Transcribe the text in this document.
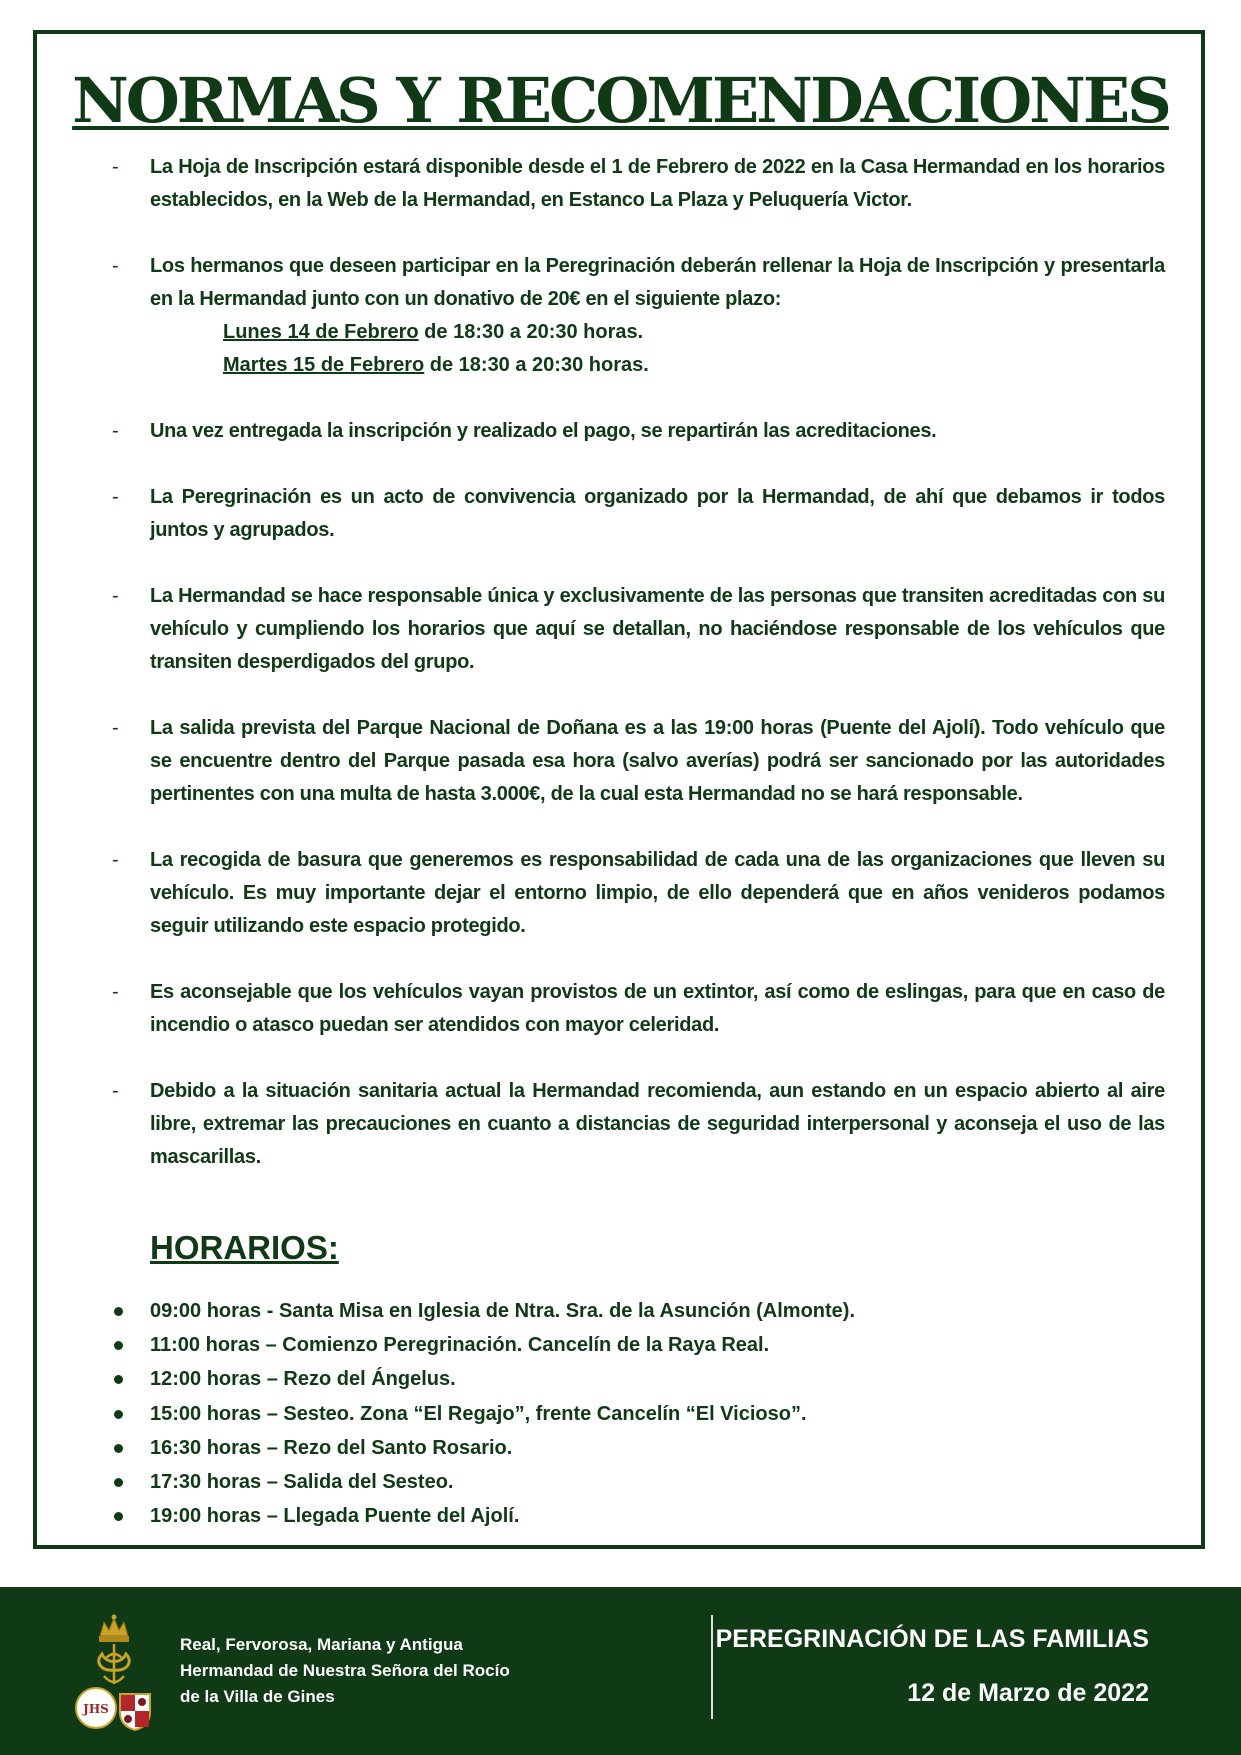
NORMAS Y RECOMENDACIONES
- La Hoja de Inscripción estará disponible desde el 1 de Febrero de 2022 en la Casa Hermandad en los horarios establecidos, en la Web de la Hermandad, en Estanco La Plaza y Peluquería Victor.
- Los hermanos que deseen participar en la Peregrinación deberán rellenar la Hoja de Inscripción y presentarla en la Hermandad junto con un donativo de 20€ en el siguiente plazo:
Lunes 14 de Febrero de 18:30 a 20:30 horas.
Martes 15 de Febrero de 18:30 a 20:30 horas.
- Una vez entregada la inscripción y realizado el pago, se repartirán las acreditaciones.
- La Peregrinación es un acto de convivencia organizado por la Hermandad, de ahí que debamos ir todos juntos y agrupados.
- La Hermandad se hace responsable única y exclusivamente de las personas que transiten acreditadas con su vehículo y cumpliendo los horarios que aquí se detallan, no haciéndose responsable de los vehículos que transiten desperdigados del grupo.
- La salida prevista del Parque Nacional de Doñana es a las 19:00 horas (Puente del Ajolí). Todo vehículo que se encuentre dentro del Parque pasada esa hora (salvo averías) podrá ser sancionado por las autoridades pertinentes con una multa de hasta 3.000€, de la cual esta Hermandad no se hará responsable.
- La recogida de basura que generemos es responsabilidad de cada una de las organizaciones que lleven su vehículo. Es muy importante dejar el entorno limpio, de ello dependerá que en años venideros podamos seguir utilizando este espacio protegido.
- Es aconsejable que los vehículos vayan provistos de un extintor, así como de eslingas, para que en caso de incendio o atasco puedan ser atendidos con mayor celeridad.
- Debido a la situación sanitaria actual la Hermandad recomienda, aun estando en un espacio abierto al aire libre, extremar las precauciones en cuanto a distancias de seguridad interpersonal y aconseja el uso de las mascarillas.
HORARIOS:
09:00 horas - Santa Misa en Iglesia de Ntra. Sra. de la Asunción (Almonte).
11:00 horas – Comienzo Peregrinación. Cancelín de la Raya Real.
12:00 horas – Rezo del Ángelus.
15:00 horas – Sesteo. Zona “El Regajo”, frente Cancelín “El Vicioso”.
16:30 horas – Rezo del Santo Rosario.
17:30 horas – Salida del Sesteo.
19:00 horas – Llegada Puente del Ajolí.
JHS
Real, Fervorosa, Mariana y Antigua
Hermandad de Nuestra Señora del Rocío
de la Villa de Gines
PEREGRINACIÓN DE LAS FAMILIAS
12 de Marzo de 2022
